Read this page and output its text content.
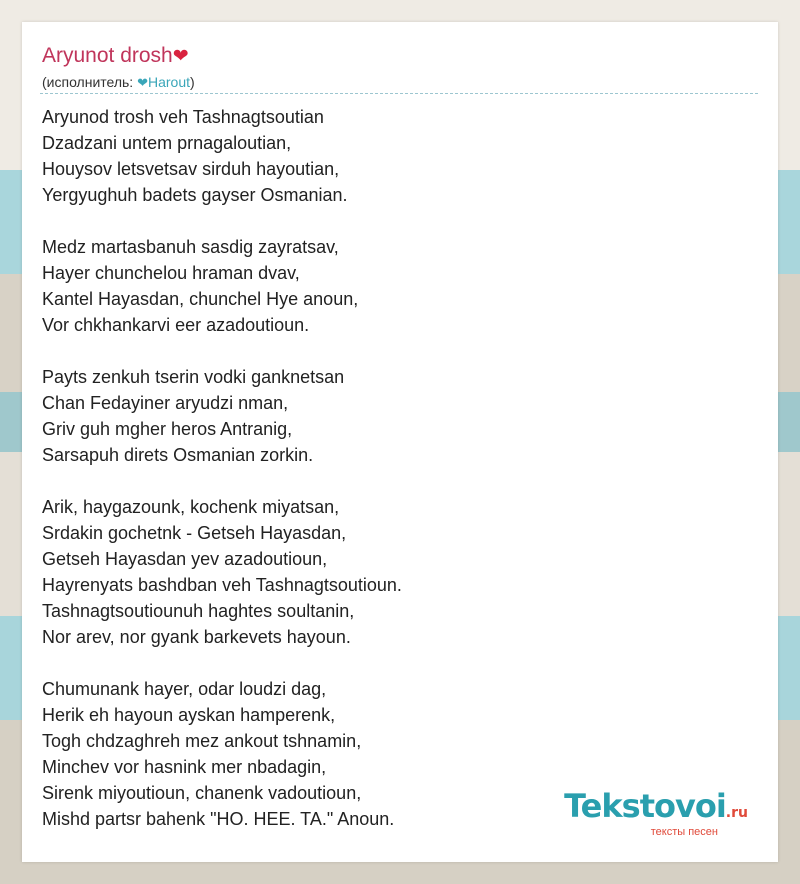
Aryunot drosh❤
(исполнитель: ❤Harout)
Aryunod trosh veh Tashnagtsoutian
Dzadzani untem prnagaloutian,
Houysov letsvetsav sirduh hayoutian,
Yergyughuh badets gayser Osmanian.
Medz martasbanuh sasdig zayratsav,
Hayer chunchelou hraman dvav,
Kantel Hayasdan, chunchel Hye anoun,
Vor chkhankarvi eer azadoutioun.
Payts zenkuh tserin vodki ganknetsan
Chan Fedayiner aryudzi nman,
Griv guh mgher heros Antranig,
Sarsapuh direts Osmanian zorkin.
Arik, haygazounk, kochenk miyatsan,
Srdakin gochetnk - Getseh Hayasdan,
Getseh Hayasdan yev azadoutioun,
Hayrenyats bashdban veh Tashnagtsoutioun.
Tashnagtsoutiounuh haghtes soultanin,
Nor arev, nor gyank barkevets hayoun.
Chumunank hayer, odar loudzi dag,
Herik eh hayoun ayskan hamperenk,
Togh chdzaghreh mez ankout tshnamin,
Minchev vor hasnink mer nbadagin,
Sirenk miyoutioun, chanenk vadoutioun,
Mishd partsr bahenk "HO. HEE. TA." Anoun.	Tekstovoi.ru
тексты песен
